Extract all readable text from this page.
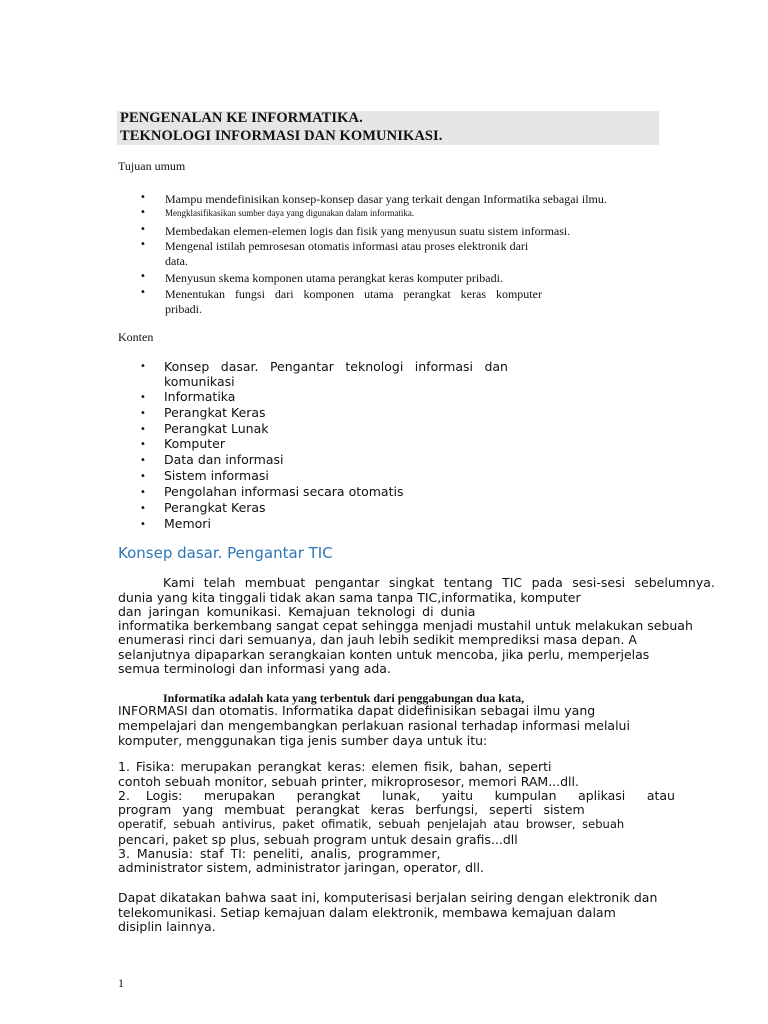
PENGENALAN KE INFORMATIKA.
TEKNOLOGI INFORMASI DAN KOMUNIKASI.
Tujuan umum
• Mampu mendefinisikan konsep-konsep dasar yang terkait dengan Informatika sebagai ilmu.
• Mengklasifikasikan sumber daya yang digunakan dalam informatika.
• Membedakan elemen-elemen logis dan fisik yang menyusun suatu sistem informasi.
• Mengenal istilah pemrosesan otomatis informasi atau proses elektronik dari
data.
• Menyusun skema komponen utama perangkat keras komputer pribadi.
• Menentukan fungsi dari komponen utama perangkat keras komputer
pribadi.
Konten
• Konsep dasar. Pengantar teknologi informasi dan
komunikasi
• Informatika
• Perangkat Keras
• Perangkat Lunak
• Komputer
• Data dan informasi
• Sistem informasi
• Pengolahan informasi secara otomatis
• Perangkat Keras
• Memori
Konsep dasar. Pengantar TIC
Kami telah membuat pengantar singkat tentang TIC pada sesi-sesi sebelumnya.
dunia yang kita tinggali tidak akan sama tanpa TIC,informatika, komputer
dan jaringan komunikasi. Kemajuan teknologi di dunia
informatika berkembang sangat cepat sehingga menjadi mustahil untuk melakukan sebuah
enumerasi rinci dari semuanya, dan jauh lebih sedikit memprediksi masa depan. A
selanjutnya dipaparkan serangkaian konten untuk mencoba, jika perlu, memperjelas
semua terminologi dan informasi yang ada.
Informatika adalah kata yang terbentuk dari penggabungan dua kata,
INFORMASI dan otomatis. Informatika dapat didefinisikan sebagai ilmu yang
mempelajari dan mengembangkan perlakuan rasional terhadap informasi melalui
komputer, menggunakan tiga jenis sumber daya untuk itu:
1. Fisika: merupakan perangkat keras: elemen fisik, bahan, seperti
contoh sebuah monitor, sebuah printer, mikroprosesor, memori RAM...dll.
2.    Logis: merupakan perangkat lunak, yaitu kumpulan aplikasi atau
program yang membuat perangkat keras berfungsi, seperti sistem
operatif, sebuah antivirus, paket ofimatik, sebuah penjelajah atau browser, sebuah
pencari, paket sp plus, sebuah program untuk desain grafis...dll
3. Manusia: staf TI: peneliti, analis, programmer,
administrator sistem, administrator jaringan, operator, dll.
Dapat dikatakan bahwa saat ini, komputerisasi berjalan seiring dengan elektronik dan
telekomunikasi. Setiap kemajuan dalam elektronik, membawa kemajuan dalam
disiplin lainnya.
1
